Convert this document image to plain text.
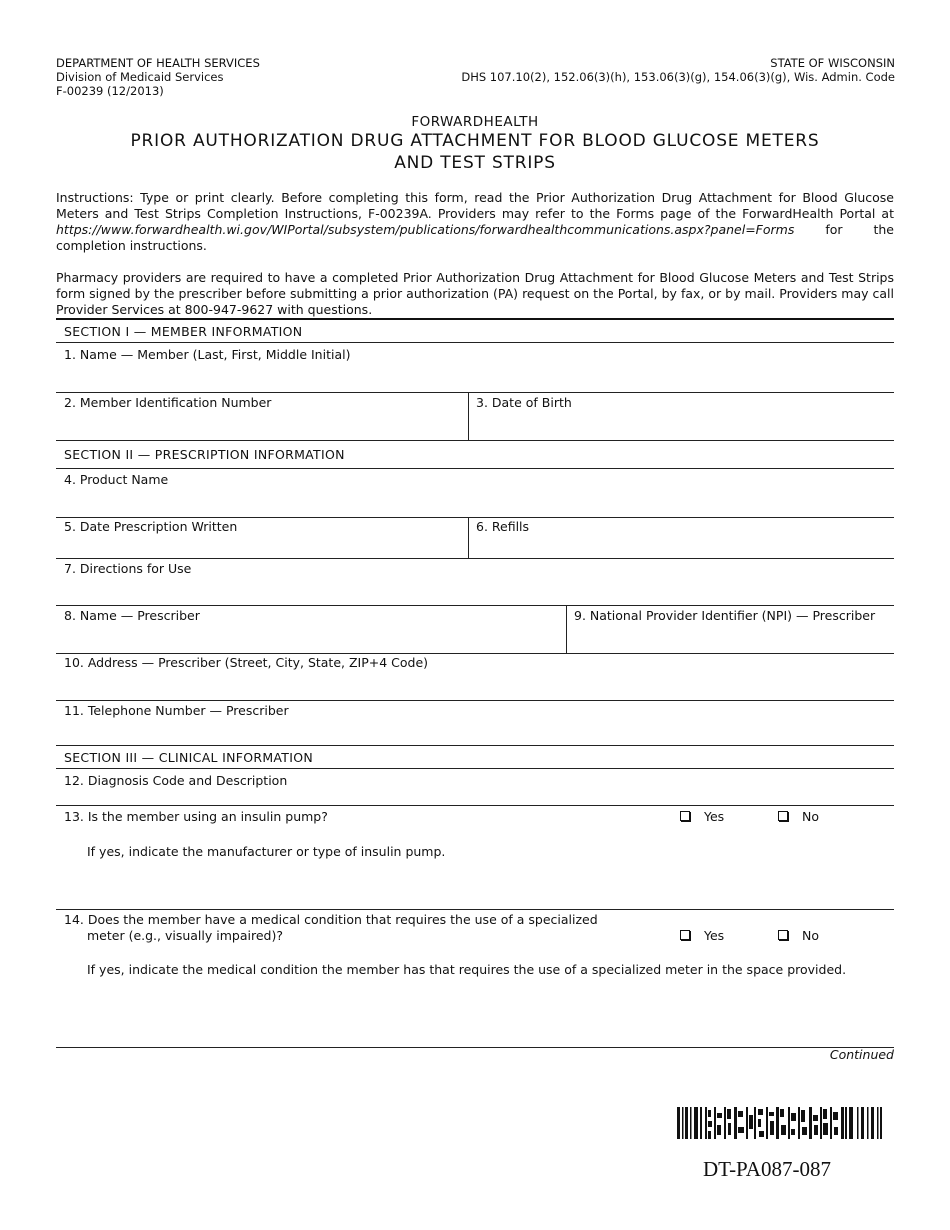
DEPARTMENT OF HEALTH SERVICES
Division of Medicaid Services
F-00239 (12/2013)
STATE OF WISCONSIN
DHS 107.10(2), 152.06(3)(h), 153.06(3)(g), 154.06(3)(g), Wis. Admin. Code
FORWARDHEALTH
PRIOR AUTHORIZATION DRUG ATTACHMENT FOR BLOOD GLUCOSE METERS
AND TEST STRIPS
Instructions: Type or print clearly. Before completing this form, read the Prior Authorization Drug Attachment for Blood Glucose Meters and Test Strips Completion Instructions, F-00239A. Providers may refer to the Forms page of the ForwardHealth Portal at https://www.forwardhealth.wi.gov/WIPortal/subsystem/publications/forwardhealthcommunications.aspx?panel=Forms for the completion instructions.
Pharmacy providers are required to have a completed Prior Authorization Drug Attachment for Blood Glucose Meters and Test Strips form signed by the prescriber before submitting a prior authorization (PA) request on the Portal, by fax, or by mail. Providers may call Provider Services at 800-947-9627 with questions.
SECTION I — MEMBER INFORMATION
1. Name — Member (Last, First, Middle Initial)
2. Member Identification Number	3. Date of Birth
SECTION II — PRESCRIPTION INFORMATION
4. Product Name
5. Date Prescription Written	6. Refills
7. Directions for Use
8. Name — Prescriber	9. National Provider Identifier (NPI) — Prescriber
10. Address — Prescriber (Street, City, State, ZIP+4 Code)
11. Telephone Number — Prescriber
SECTION III — CLINICAL INFORMATION
12. Diagnosis Code and Description
13. Is the member using an insulin pump?	Yes	No
If yes, indicate the manufacturer or type of insulin pump.
14. Does the member have a medical condition that requires the use of a specialized
meter (e.g., visually impaired)?	Yes	No
If yes, indicate the medical condition the member has that requires the use of a specialized meter in the space provided.
Continued
DT-PA087-087
